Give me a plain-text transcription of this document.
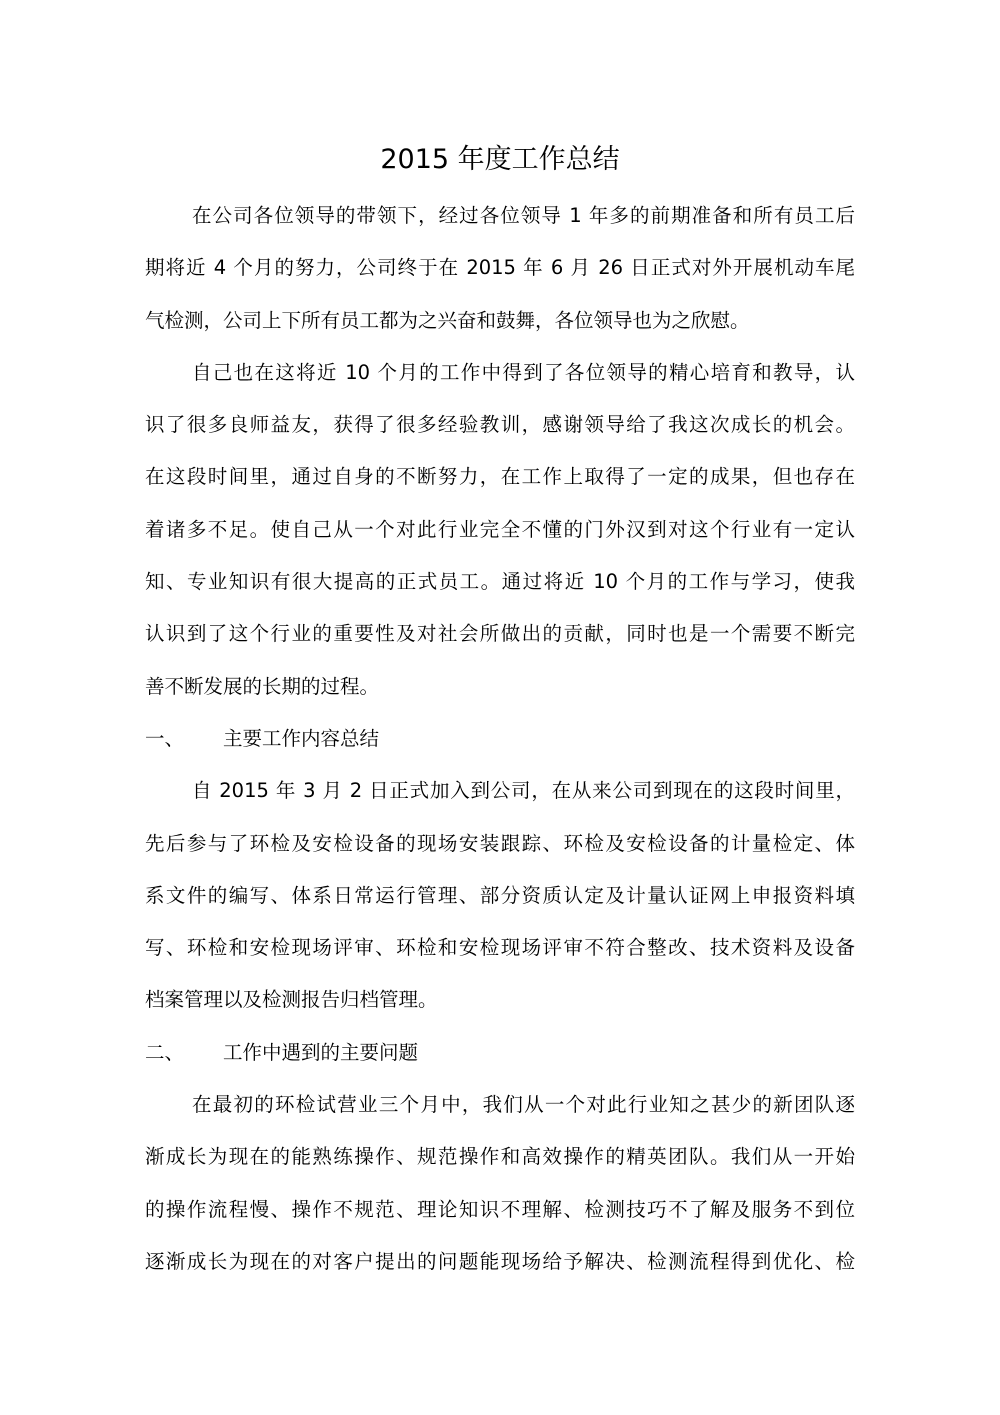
2015 年度工作总结
在公司各位领导的带领下，经过各位领导 1 年多的前期准备和所有员工后
期将近 4 个月的努力，公司终于在 2015 年 6 月 26 日正式对外开展机动车尾
气检测，公司上下所有员工都为之兴奋和鼓舞，各位领导也为之欣慰。
自己也在这将近 10 个月的工作中得到了各位领导的精心培育和教导，认
识了很多良师益友，获得了很多经验教训，感谢领导给了我这次成长的机会。
在这段时间里，通过自身的不断努力，在工作上取得了一定的成果，但也存在
着诸多不足。使自己从一个对此行业完全不懂的门外汉到对这个行业有一定认
知、专业知识有很大提高的正式员工。通过将近 10 个月的工作与学习，使我
认识到了这个行业的重要性及对社会所做出的贡献，同时也是一个需要不断完
善不断发展的长期的过程。
一、 主要工作内容总结
自 2015 年 3 月 2 日正式加入到公司，在从来公司到现在的这段时间里，
先后参与了环检及安检设备的现场安装跟踪、环检及安检设备的计量检定、体
系文件的编写、体系日常运行管理、部分资质认定及计量认证网上申报资料填
写、环检和安检现场评审、环检和安检现场评审不符合整改、技术资料及设备
档案管理以及检测报告归档管理。
二、 工作中遇到的主要问题
在最初的环检试营业三个月中，我们从一个对此行业知之甚少的新团队逐
渐成长为现在的能熟练操作、规范操作和高效操作的精英团队。我们从一开始
的操作流程慢、操作不规范、理论知识不理解、检测技巧不了解及服务不到位
逐渐成长为现在的对客户提出的问题能现场给予解决、检测流程得到优化、检
